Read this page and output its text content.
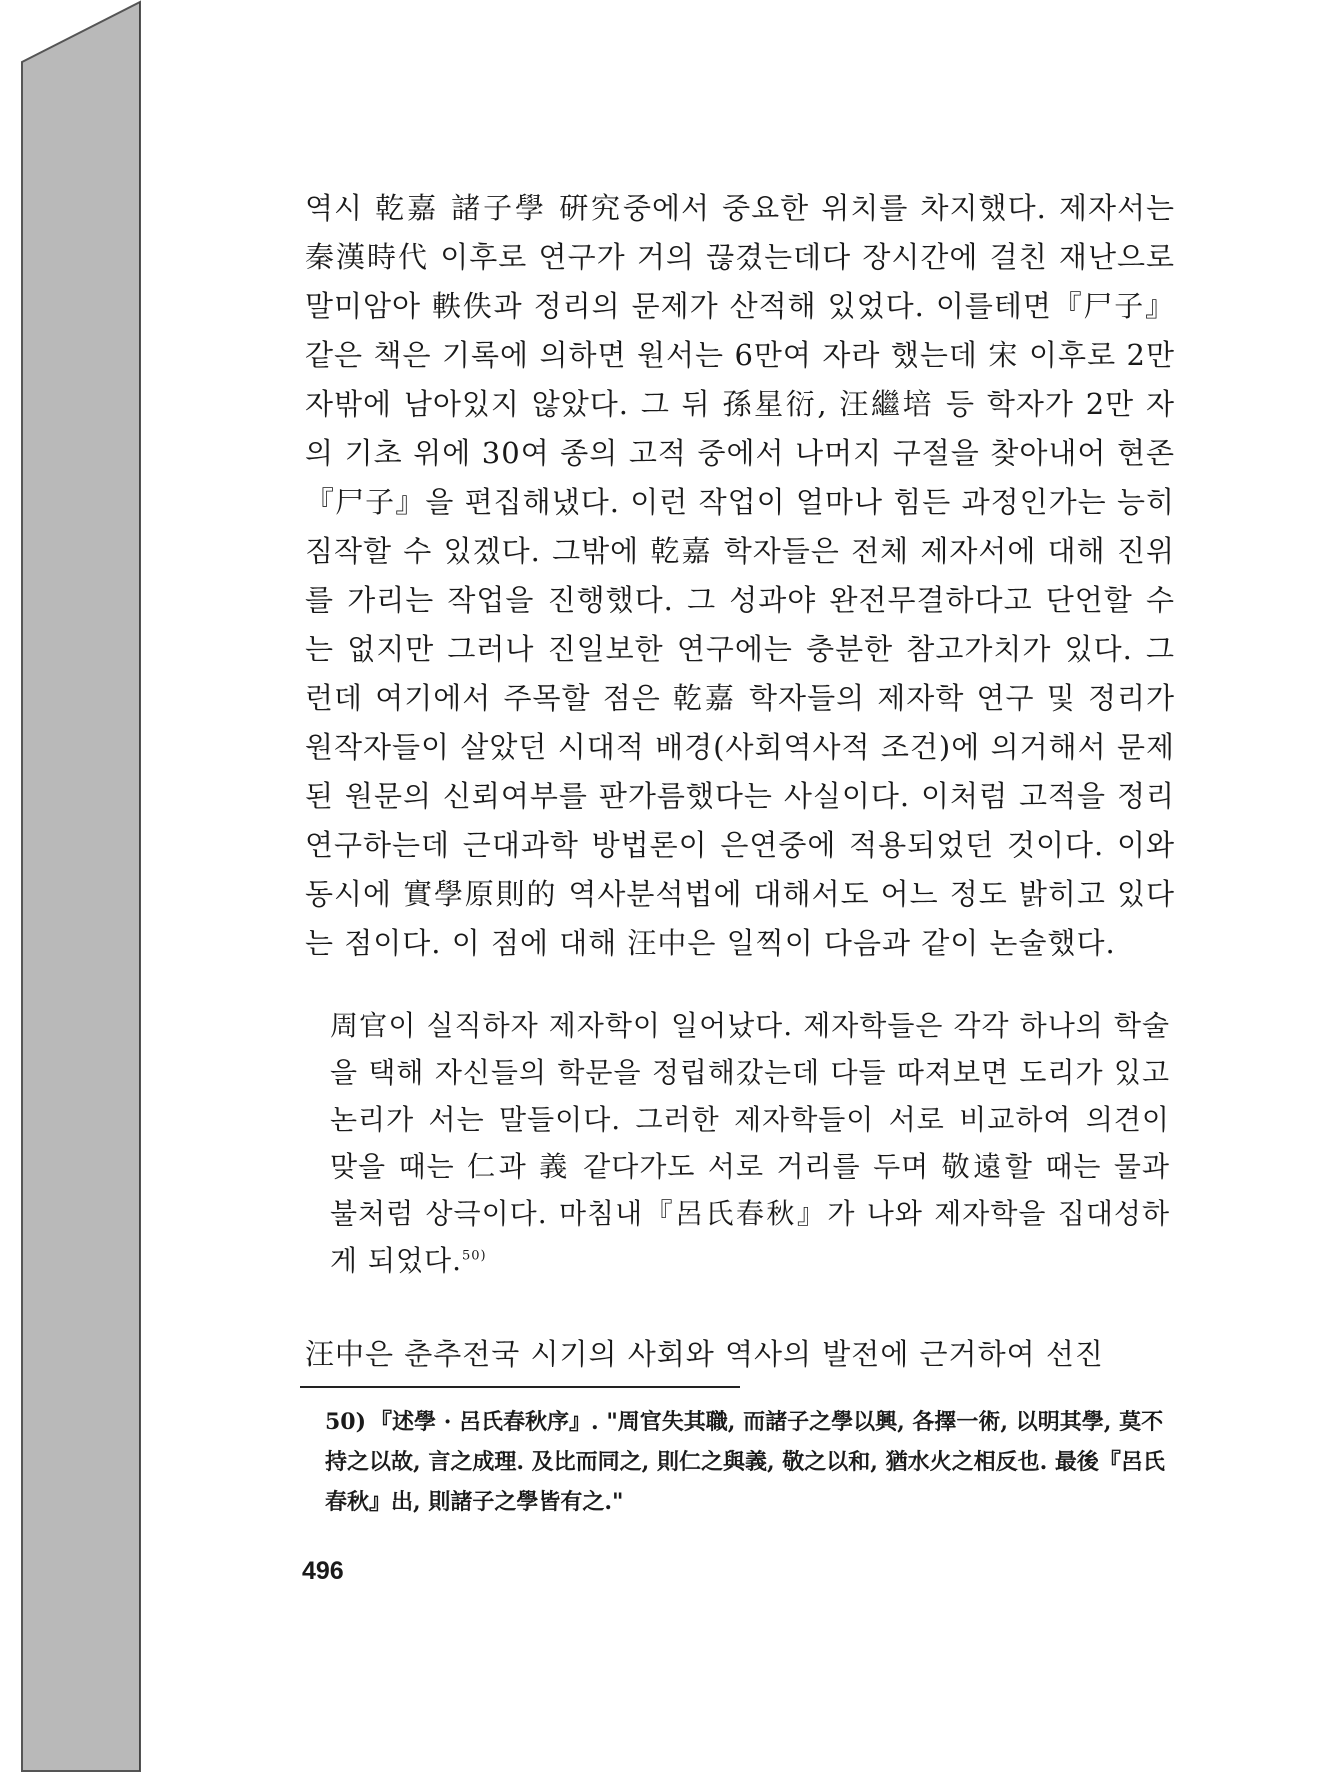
역시 乾嘉 諸子學 硏究중에서 중요한 위치를 차지했다. 제자서는 秦漢時代 이후로 연구가 거의 끊겼는데다 장시간에 걸친 재난으로 말미암아 軼佚과 정리의 문제가 산적해 있었다. 이를테면『尸子』같은 책은 기록에 의하면 원서는 6만여 자라 했는데 宋 이후로 2만 자밖에 남아있지 않았다. 그 뒤 孫星衍, 汪繼培 등 학자가 2만 자의 기초 위에 30여 종의 고적 중에서 나머지 구절을 찾아내어 현존『尸子』을 편집해냈다. 이런 작업이 얼마나 힘든 과정인가는 능히 짐작할 수 있겠다. 그밖에 乾嘉 학자들은 전체 제자서에 대해 진위를 가리는 작업을 진행했다. 그 성과야 완전무결하다고 단언할 수는 없지만 그러나 진일보한 연구에는 충분한 참고가치가 있다. 그런데 여기에서 주목할 점은 乾嘉 학자들의 제자학 연구 및 정리가 원작자들이 살았던 시대적 배경(사회역사적 조건)에 의거해서 문제된 원문의 신뢰여부를 판가름했다는 사실이다. 이처럼 고적을 정리 연구하는데 근대과학 방법론이 은연중에 적용되었던 것이다. 이와 동시에 實學原則的 역사분석법에 대해서도 어느 정도 밝히고 있다는 점이다. 이 점에 대해 汪中은 일찍이 다음과 같이 논술했다.

周官이 실직하자 제자학이 일어났다. 제자학들은 각각 하나의 학술을 택해 자신들의 학문을 정립해갔는데 다들 따져보면 도리가 있고 논리가 서는 말들이다. 그러한 제자학들이 서로 비교하여 의견이 맞을 때는 仁과 義 같다가도 서로 거리를 두며 敬遠할 때는 물과 불처럼 상극이다. 마침내『呂氏春秋』가 나와 제자학을 집대성하게 되었다.$^{50)}$

汪中은 춘추전국 시기의 사회와 역사의 발전에 근거하여 선진

50) 『述學 · 呂氏春秋序』. "周官失其職, 而諸子之學以興, 各擇一術, 以明其學, 莫不持之以故, 言之成理. 及比而同之, 則仁之與義, 敬之以和, 猶水火之相反也. 最後『呂氏春秋』出, 則諸子之學皆有之."

496
